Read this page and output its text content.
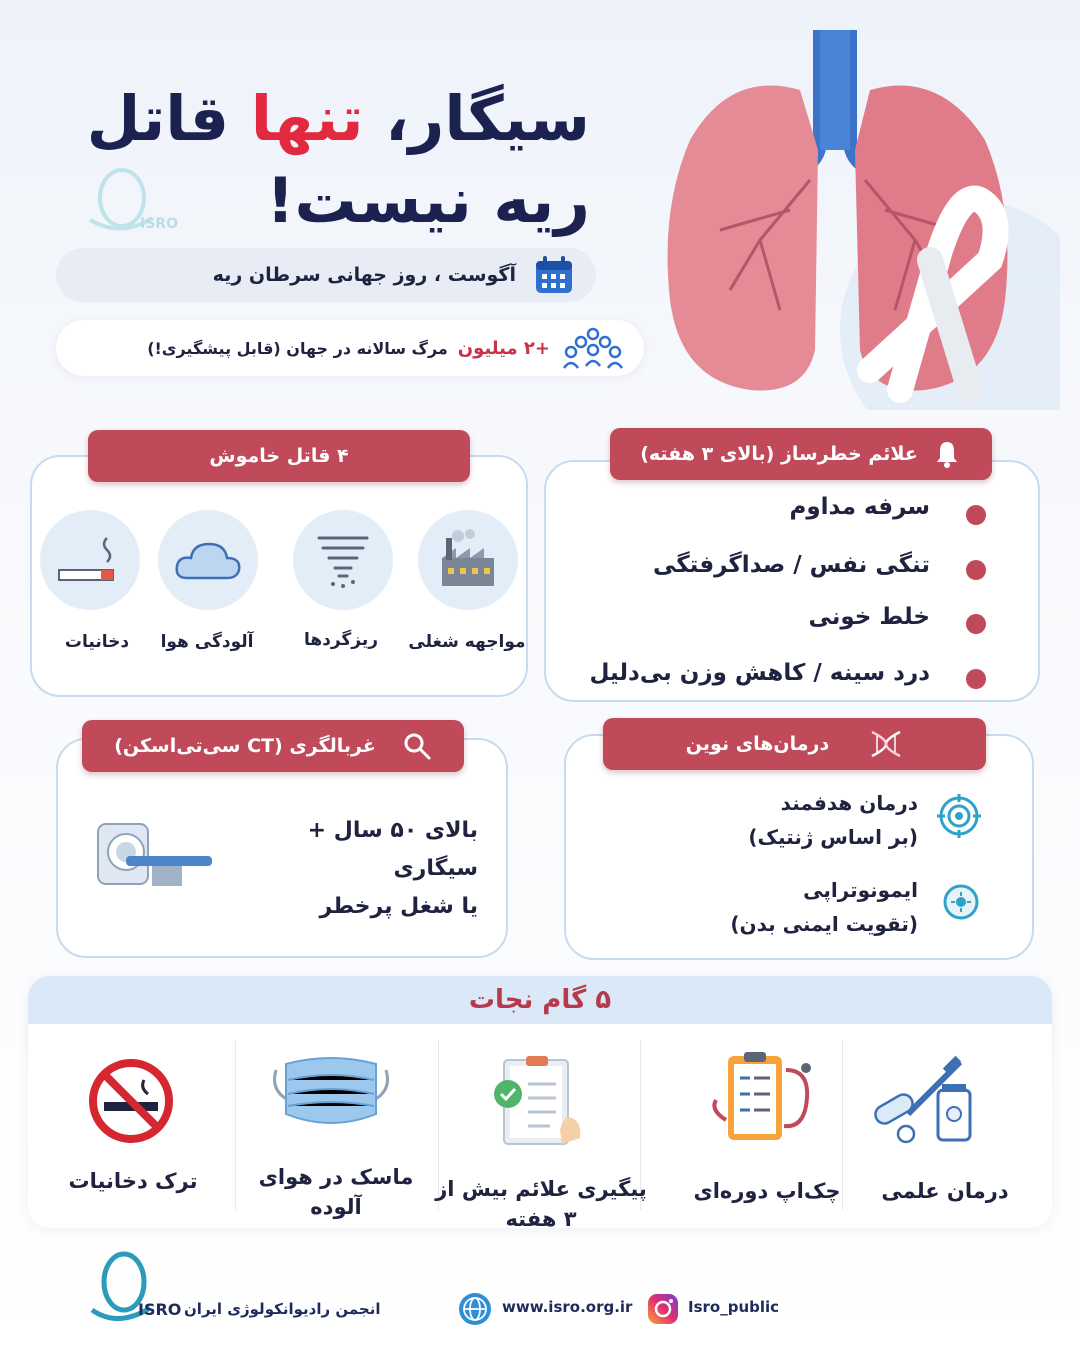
ISRO
سیگار، تنها قاتل
ریه نیست!
آگوست ، روز جهانی سرطان ریه
+۲ میلیون
مرگ سالانه در جهان (قابل پیشگیری!)
علائم خطرساز (بالای ۳ هفته)
سرفه مداوم
تنگی نفس / صداگرفتگی
خلط خونی
درد سینه / کاهش وزن بی‌دلیل
۴ قاتل خاموش
مواجهه شغلی
ریزگردها
آلودگی هوا
دخانیات
درمان‌های نوین
درمان هدفمند
(بر اساس ژنتیک)
ایمونوتراپی
(تقویت ایمنی بدن)
غربالگری (CT سی‌تی‌اسکن)
بالای ۵۰ سال + سیگاری
یا شغل پرخطر
۵ گام نجات
درمان علمی
چک‌اپ دوره‌ای
پیگیری علائم بیش از
۳ هفته
ماسک در هوای
آلوده
ترک دخانیات
ISRO انجمن رادیوانکولوژی ایران	www.isro.org.ir	Isro_public
